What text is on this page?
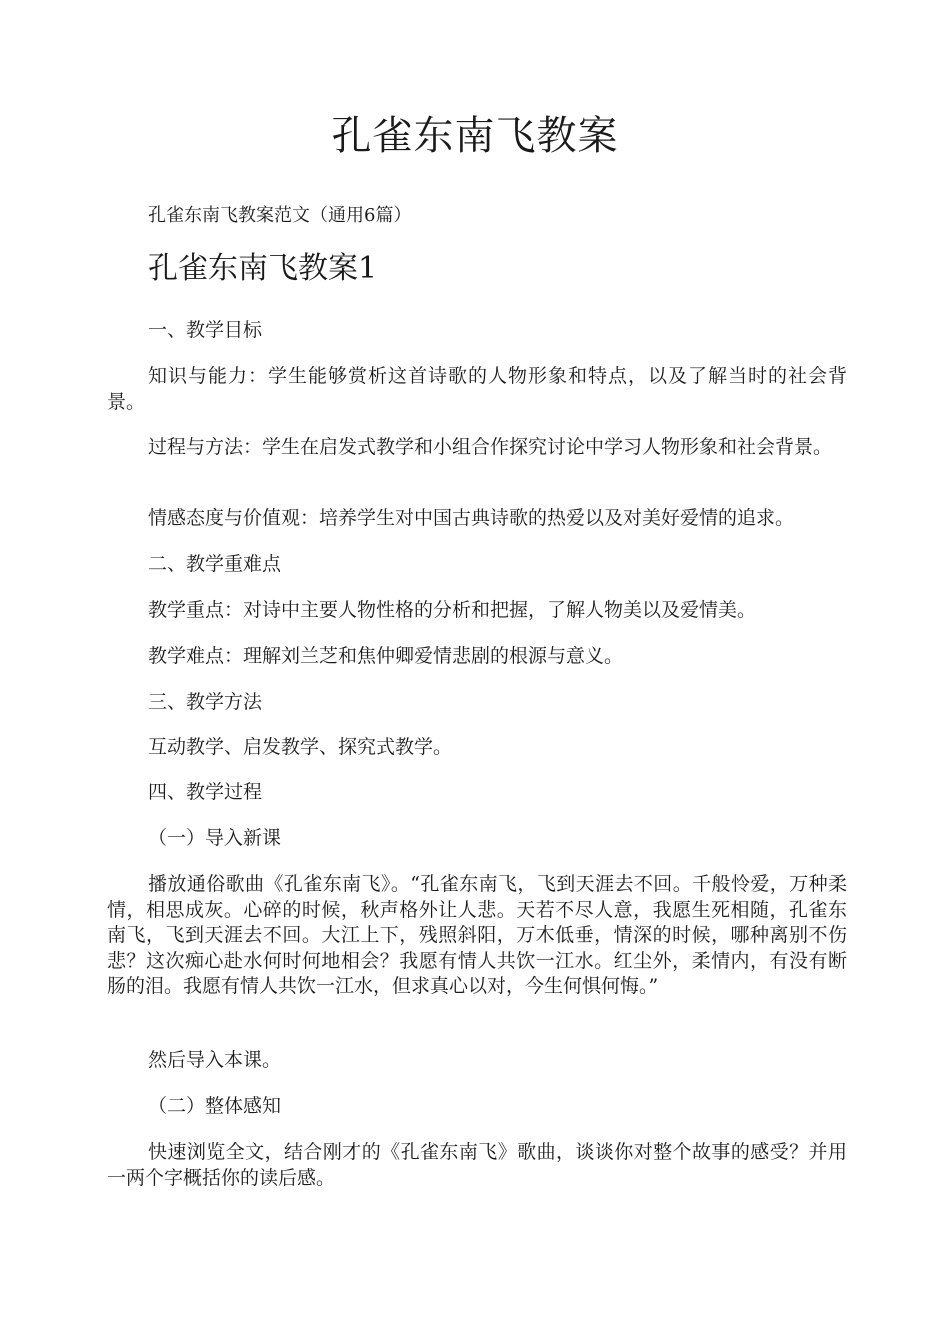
孔雀东南飞教案

孔雀东南飞教案范文（通用6篇）

孔雀东南飞教案1

一、教学目标

知识与能力：学生能够赏析这首诗歌的人物形象和特点，以及了解当时的社会背景。

过程与方法：学生在启发式教学和小组合作探究讨论中学习人物形象和社会背景。

情感态度与价值观：培养学生对中国古典诗歌的热爱以及对美好爱情的追求。

二、教学重难点

教学重点：对诗中主要人物性格的分析和把握，了解人物美以及爱情美。

教学难点：理解刘兰芝和焦仲卿爱情悲剧的根源与意义。

三、教学方法

互动教学、启发教学、探究式教学。

四、教学过程

（一）导入新课

播放通俗歌曲《孔雀东南飞》。“孔雀东南飞，飞到天涯去不回。千般怜爱，万种柔情，相思成灰。心碎的时候，秋声格外让人悲。天若不尽人意，我愿生死相随，孔雀东南飞，飞到天涯去不回。大江上下，残照斜阳，万木低垂，情深的时候，哪种离别不伤悲？这次痴心赴水何时何地相会？我愿有情人共饮一江水。红尘外，柔情内，有没有断肠的泪。我愿有情人共饮一江水，但求真心以对，今生何惧何悔。”

然后导入本课。

（二）整体感知

快速浏览全文，结合刚才的《孔雀东南飞》歌曲，谈谈你对整个故事的感受？并用一两个字概括你的读后感。
